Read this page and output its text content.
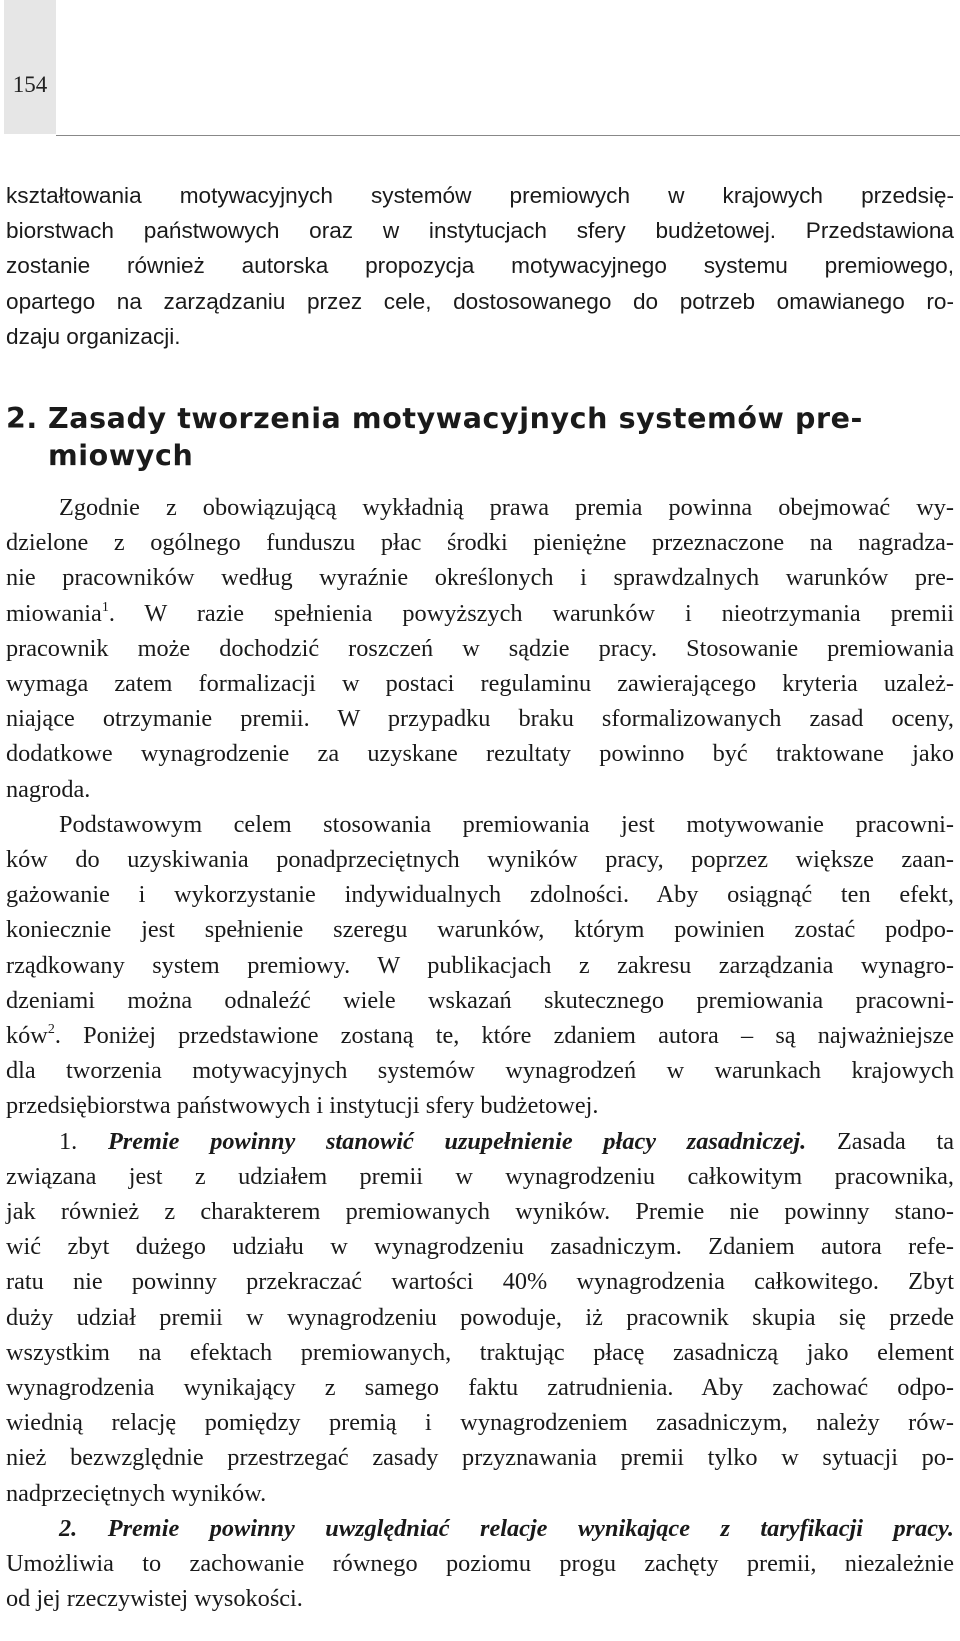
154
kształtowania motywacyjnych systemów premiowych w krajowych przedsię-
biorstwach państwowych oraz w instytucjach sfery budżetowej. Przedstawiona
zostanie również autorska propozycja motywacyjnego systemu premiowego,
opartego na zarządzaniu przez cele, dostosowanego do potrzeb omawianego ro-
dzaju organizacji.
2. Zasady tworzenia motywacyjnych systemów pre-
miowych
Zgodnie z obowiązującą wykładnią prawa premia powinna obejmować wy-
dzielone z ogólnego funduszu płac środki pieniężne przeznaczone na nagradza-
nie pracowników według wyraźnie określonych i sprawdzalnych warunków pre-
miowania$^1$. W razie spełnienia powyższych warunków i nieotrzymania premii
pracownik może dochodzić roszczeń w sądzie pracy. Stosowanie premiowania
wymaga zatem formalizacji w postaci regulaminu zawierającego kryteria uzależ-
niające otrzymanie premii. W przypadku braku sformalizowanych zasad oceny,
dodatkowe wynagrodzenie za uzyskane rezultaty powinno być traktowane jako
nagroda.
Podstawowym celem stosowania premiowania jest motywowanie pracowni-
ków do uzyskiwania ponadprzeciętnych wyników pracy, poprzez większe zaan-
gażowanie i wykorzystanie indywidualnych zdolności. Aby osiągnąć ten efekt,
koniecznie jest spełnienie szeregu warunków, którym powinien zostać podpo-
rządkowany system premiowy. W publikacjach z zakresu zarządzania wynagro-
dzeniami można odnaleźć wiele wskazań skutecznego premiowania pracowni-
ków$^2$. Poniżej przedstawione zostaną te, które zdaniem autora – są najważniejsze
dla tworzenia motywacyjnych systemów wynagrodzeń w warunkach krajowych
przedsiębiorstwa państwowych i instytucji sfery budżetowej.
1. Premie powinny stanowić uzupełnienie płacy zasadniczej. Zasada ta
związana jest z udziałem premii w wynagrodzeniu całkowitym pracownika,
jak również z charakterem premiowanych wyników. Premie nie powinny stano-
wić zbyt dużego udziału w wynagrodzeniu zasadniczym. Zdaniem autora refe-
ratu nie powinny przekraczać wartości 40% wynagrodzenia całkowitego. Zbyt
duży udział premii w wynagrodzeniu powoduje, iż pracownik skupia się przede
wszystkim na efektach premiowanych, traktując płacę zasadniczą jako element
wynagrodzenia wynikający z samego faktu zatrudnienia. Aby zachować odpo-
wiednią relację pomiędzy premią i wynagrodzeniem zasadniczym, należy rów-
nież bezwzględnie przestrzegać zasady przyznawania premii tylko w sytuacji po-
nadprzeciętnych wyników.
2. Premie powinny uwzględniać relacje wynikające z taryfikacji pracy.
Umożliwia to zachowanie równego poziomu progu zachęty premii, niezależnie
od jej rzeczywistej wysokości.
